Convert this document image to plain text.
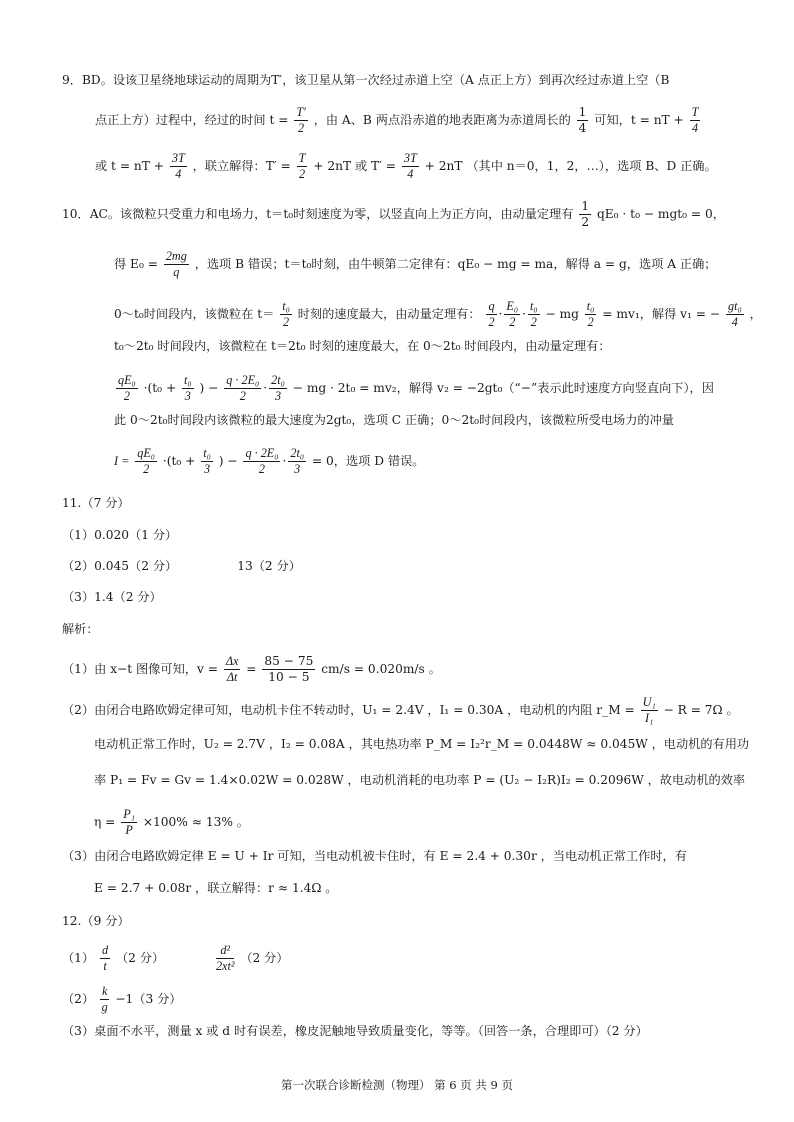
9．BD。设该卫星绕地球运动的周期为T′，该卫星从第一次经过赤道上空（A 点正上方）到再次经过赤道上空（B
点正上方）过程中，经过的时间 $t = \frac{T'}{2}$ ，由 A、B 两点沿赤道的地表距离为赤道周长的 $\frac{1}{4}$ 可知，t = nT + $\frac{T}{4}$
或 t = nT + $\frac{3T}{4}$ ，联立解得：$T' = \frac{T}{2} + 2nT$ 或 $T' = \frac{3T}{4} + 2nT$ （其中 n＝0，1，2，…），选项 B、D 正确。
10．AC。该微粒只受重力和电场力，t＝t₀时刻速度为零，以竖直向上为正方向，由动量定理有 $\frac{1}{2} qE_0 \cdot t_0 - mgt_0 = 0$，
得 $E_0 = \frac{2mg}{q}$ ，选项 B 错误；t＝t₀时刻，由牛顿第二定律有：qE₀ − mg = ma，解得 a = g，选项 A 正确；
0～t₀时间段内，该微粒在 $t= \frac{\text{t₀}}{2}$ 时刻的速度最大，由动量定理有： $\frac{q}{2} \cdot \frac{\text{E₀}}{2} \cdot \frac{\text{t₀}}{2}$ − mg $\frac{\text{t₀}}{2} = mv_1$，解得 v₁ = − $\frac{\text{gt₀}}{4}$ ，
t₀～2t₀ 时间段内，该微粒在 t＝2t₀ 时刻的速度最大，在 0～2t₀ 时间段内，由动量定理有：
$\frac{\text{qE₀}}{2} \cdot(t_0 + \frac{\text{t₀}}{3}$ ) − $\frac{\text{q · 2E₀}}{2} \cdot \frac{\text{2t₀}}{3}$ − mg · 2t₀ = mv₂，解得 v₂ = −2gt₀（“−”表示此时速度方向竖直向下），因
此 0～2t₀时间段内该微粒的最大速度为2gt₀，选项 C 正确；0～2t₀时间段内，该微粒所受电场力的冲量
$I = \frac{\text{qE₀}}{2} \cdot(t_0 + \frac{\text{t₀}}{3}$ ) − $\frac{\text{q · 2E₀}}{2} \cdot \frac{\text{2t₀}}{3} = 0$，选项 D 错误。
11.（7 分）
（1）0.020（1 分）
（2）0.045（2 分）	13（2 分）
（3）1.4（2 分）
解析：
（1）由 x−t 图像可知，$v = \frac{\Delta x}{\Delta t} = \frac{85 - 75}{10 - 5} cm/s = 0.020m/s$ 。
（2）由闭合电路欧姆定律可知，电动机卡住不转动时，U₁ = 2.4V ，I₁ = 0.30A ，电动机的内阻 r_M = $\frac{\text{U₁}}{\text{I₁}} - R = 7\Omega$ 。
电动机正常工作时，U₂ = 2.7V ，I₂ = 0.08A ，其电热功率 P_M = I₂²r_M = 0.0448W ≈ 0.045W ，电动机的有用功
率 P₁ = Fv = Gv = 1.4×0.02W = 0.028W ，电动机消耗的电功率 P = (U₂ − I₂R)I₂ = 0.2096W ，故电动机的效率
$\eta = \frac{\text{P₁}}{P} \times 100\% \approx 13\%$ 。
（3）由闭合电路欧姆定律 E = U + Ir 可知，当电动机被卡住时，有 E = 2.4 + 0.30r ，当电动机正常工作时，有
E = 2.7 + 0.08r ，联立解得：r ≈ 1.4Ω 。
12.（9 分）
$(1) \frac{d}{t} (2$ 分）	$\frac{\text{d²}}{\text{2xt²}} (2$ 分）
$(2) \frac{k}{g} -1(3$ 分）
（3）桌面不水平，测量 x 或 d 时有误差，橡皮泥触地导致质量变化，等等。（回答一条，合理即可）（2 分）
第一次联合诊断检测（物理） 第 6 页 共 9 页
